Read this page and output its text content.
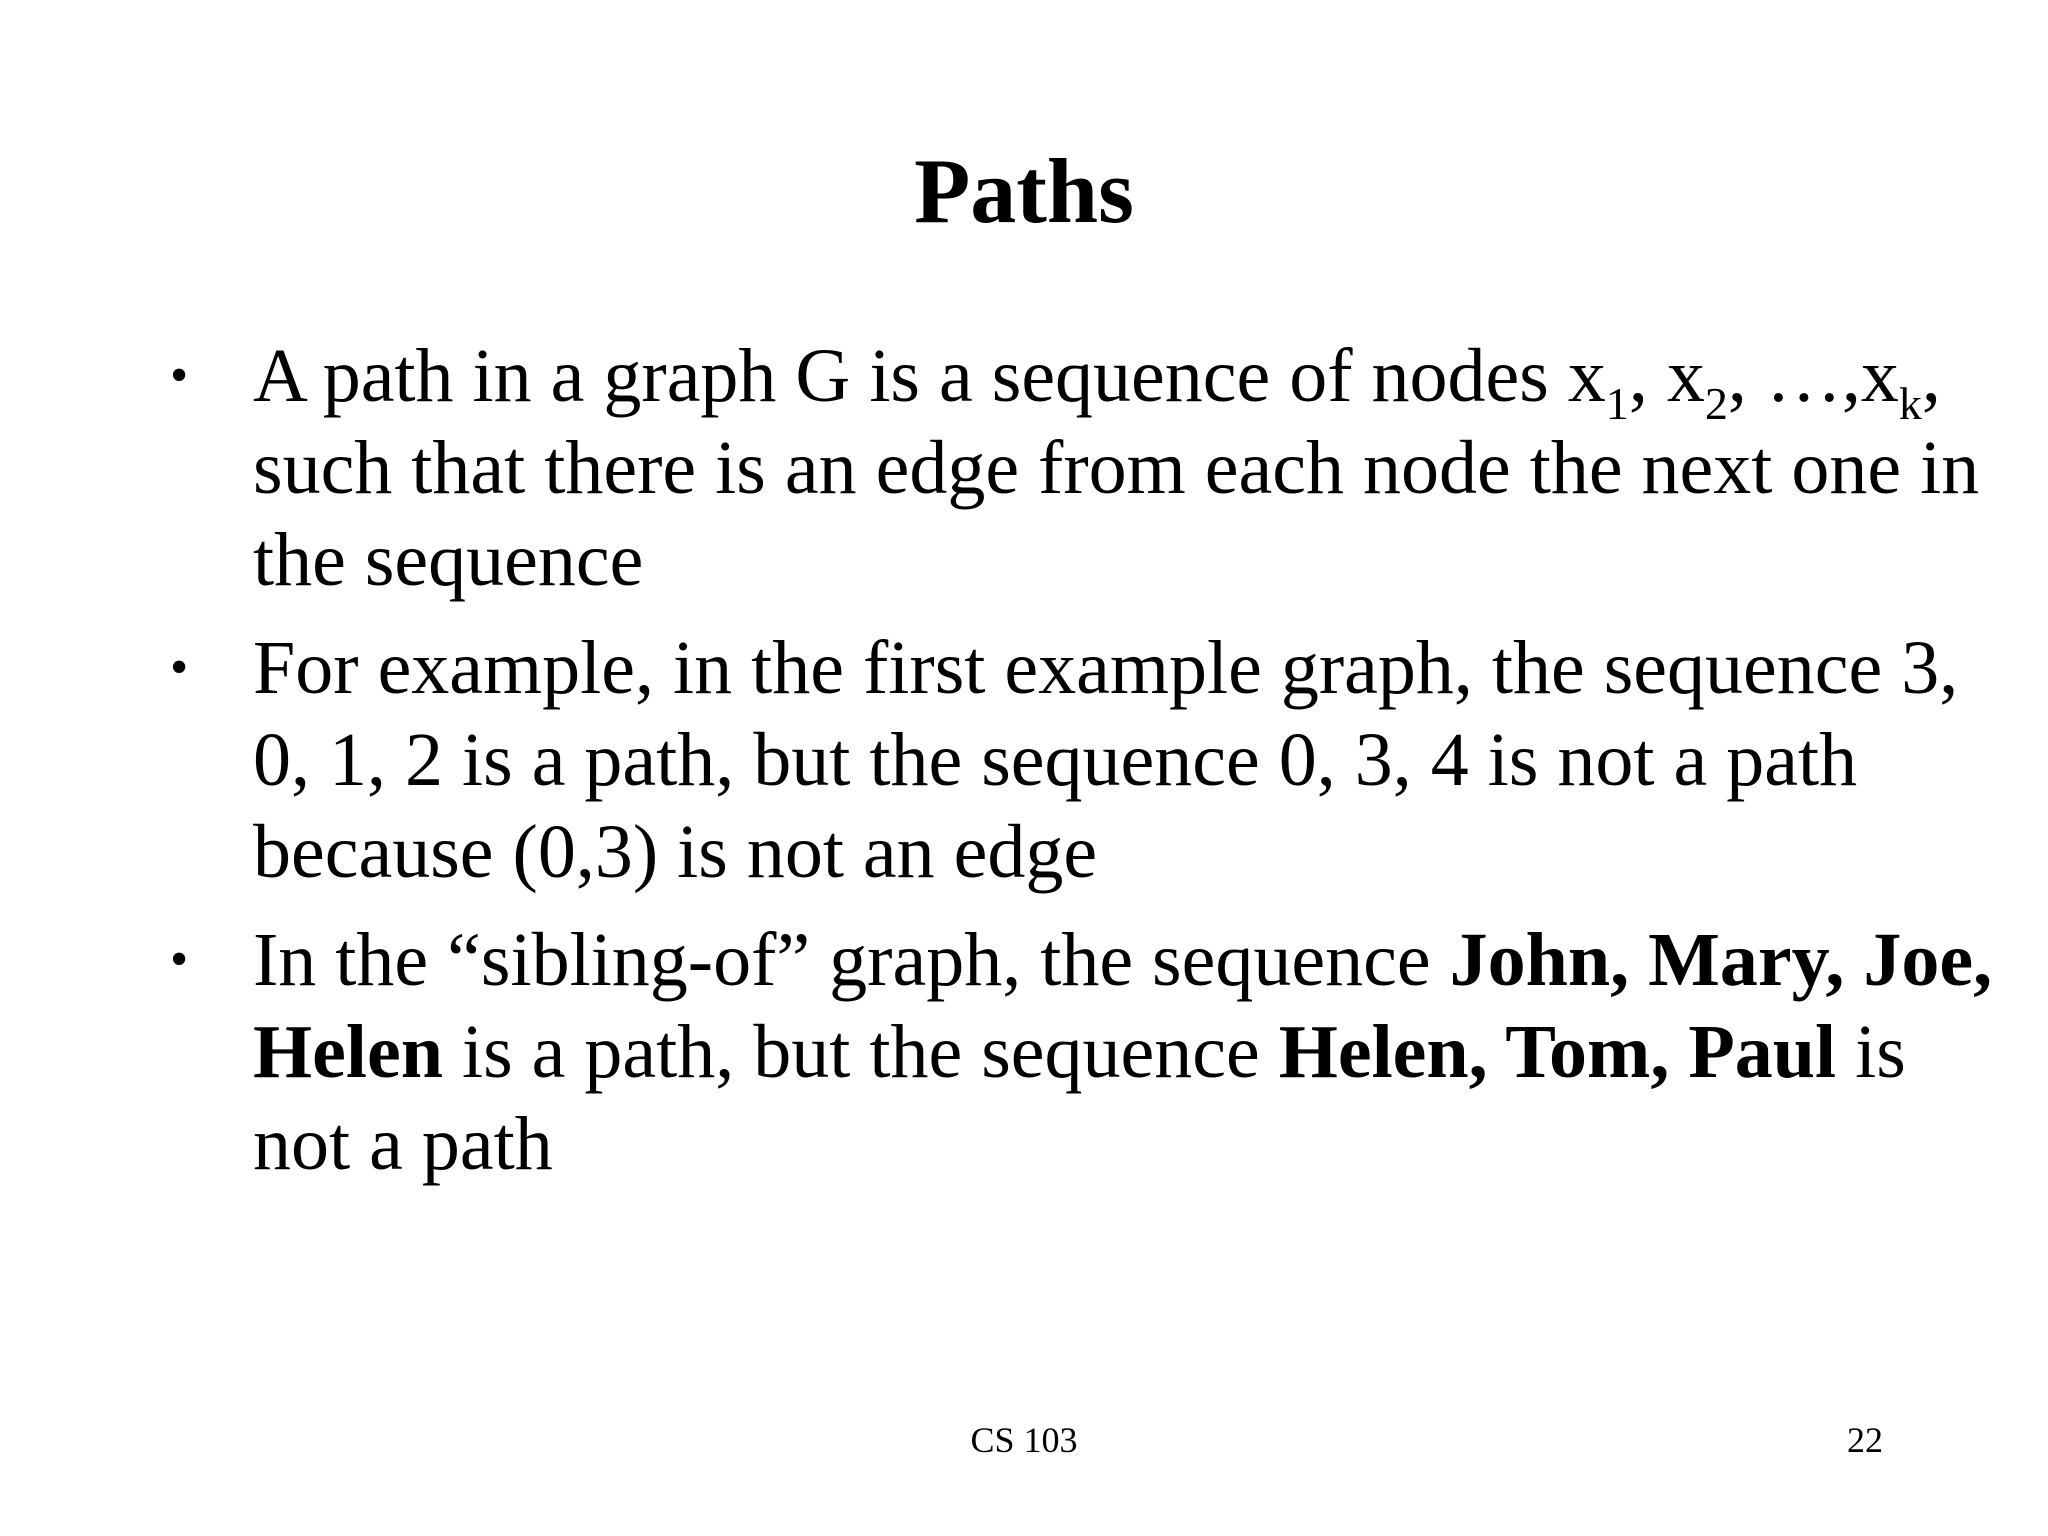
Paths
• A path in a graph G is a sequence of nodes $x_1$, $x_2$, $\dots,x_k$, such that there is an edge from each node the next one in the sequence
• For example, in the first example graph, the sequence 3, 0, 1, 2 is a path, but the sequence 0, 3, 4 is not a path because (0,3) is not an edge
• In the “sibling-of” graph, the sequence John, Mary, Joe, Helen is a path, but the sequence Helen, Tom, Paul is not a path
CS 103	22
